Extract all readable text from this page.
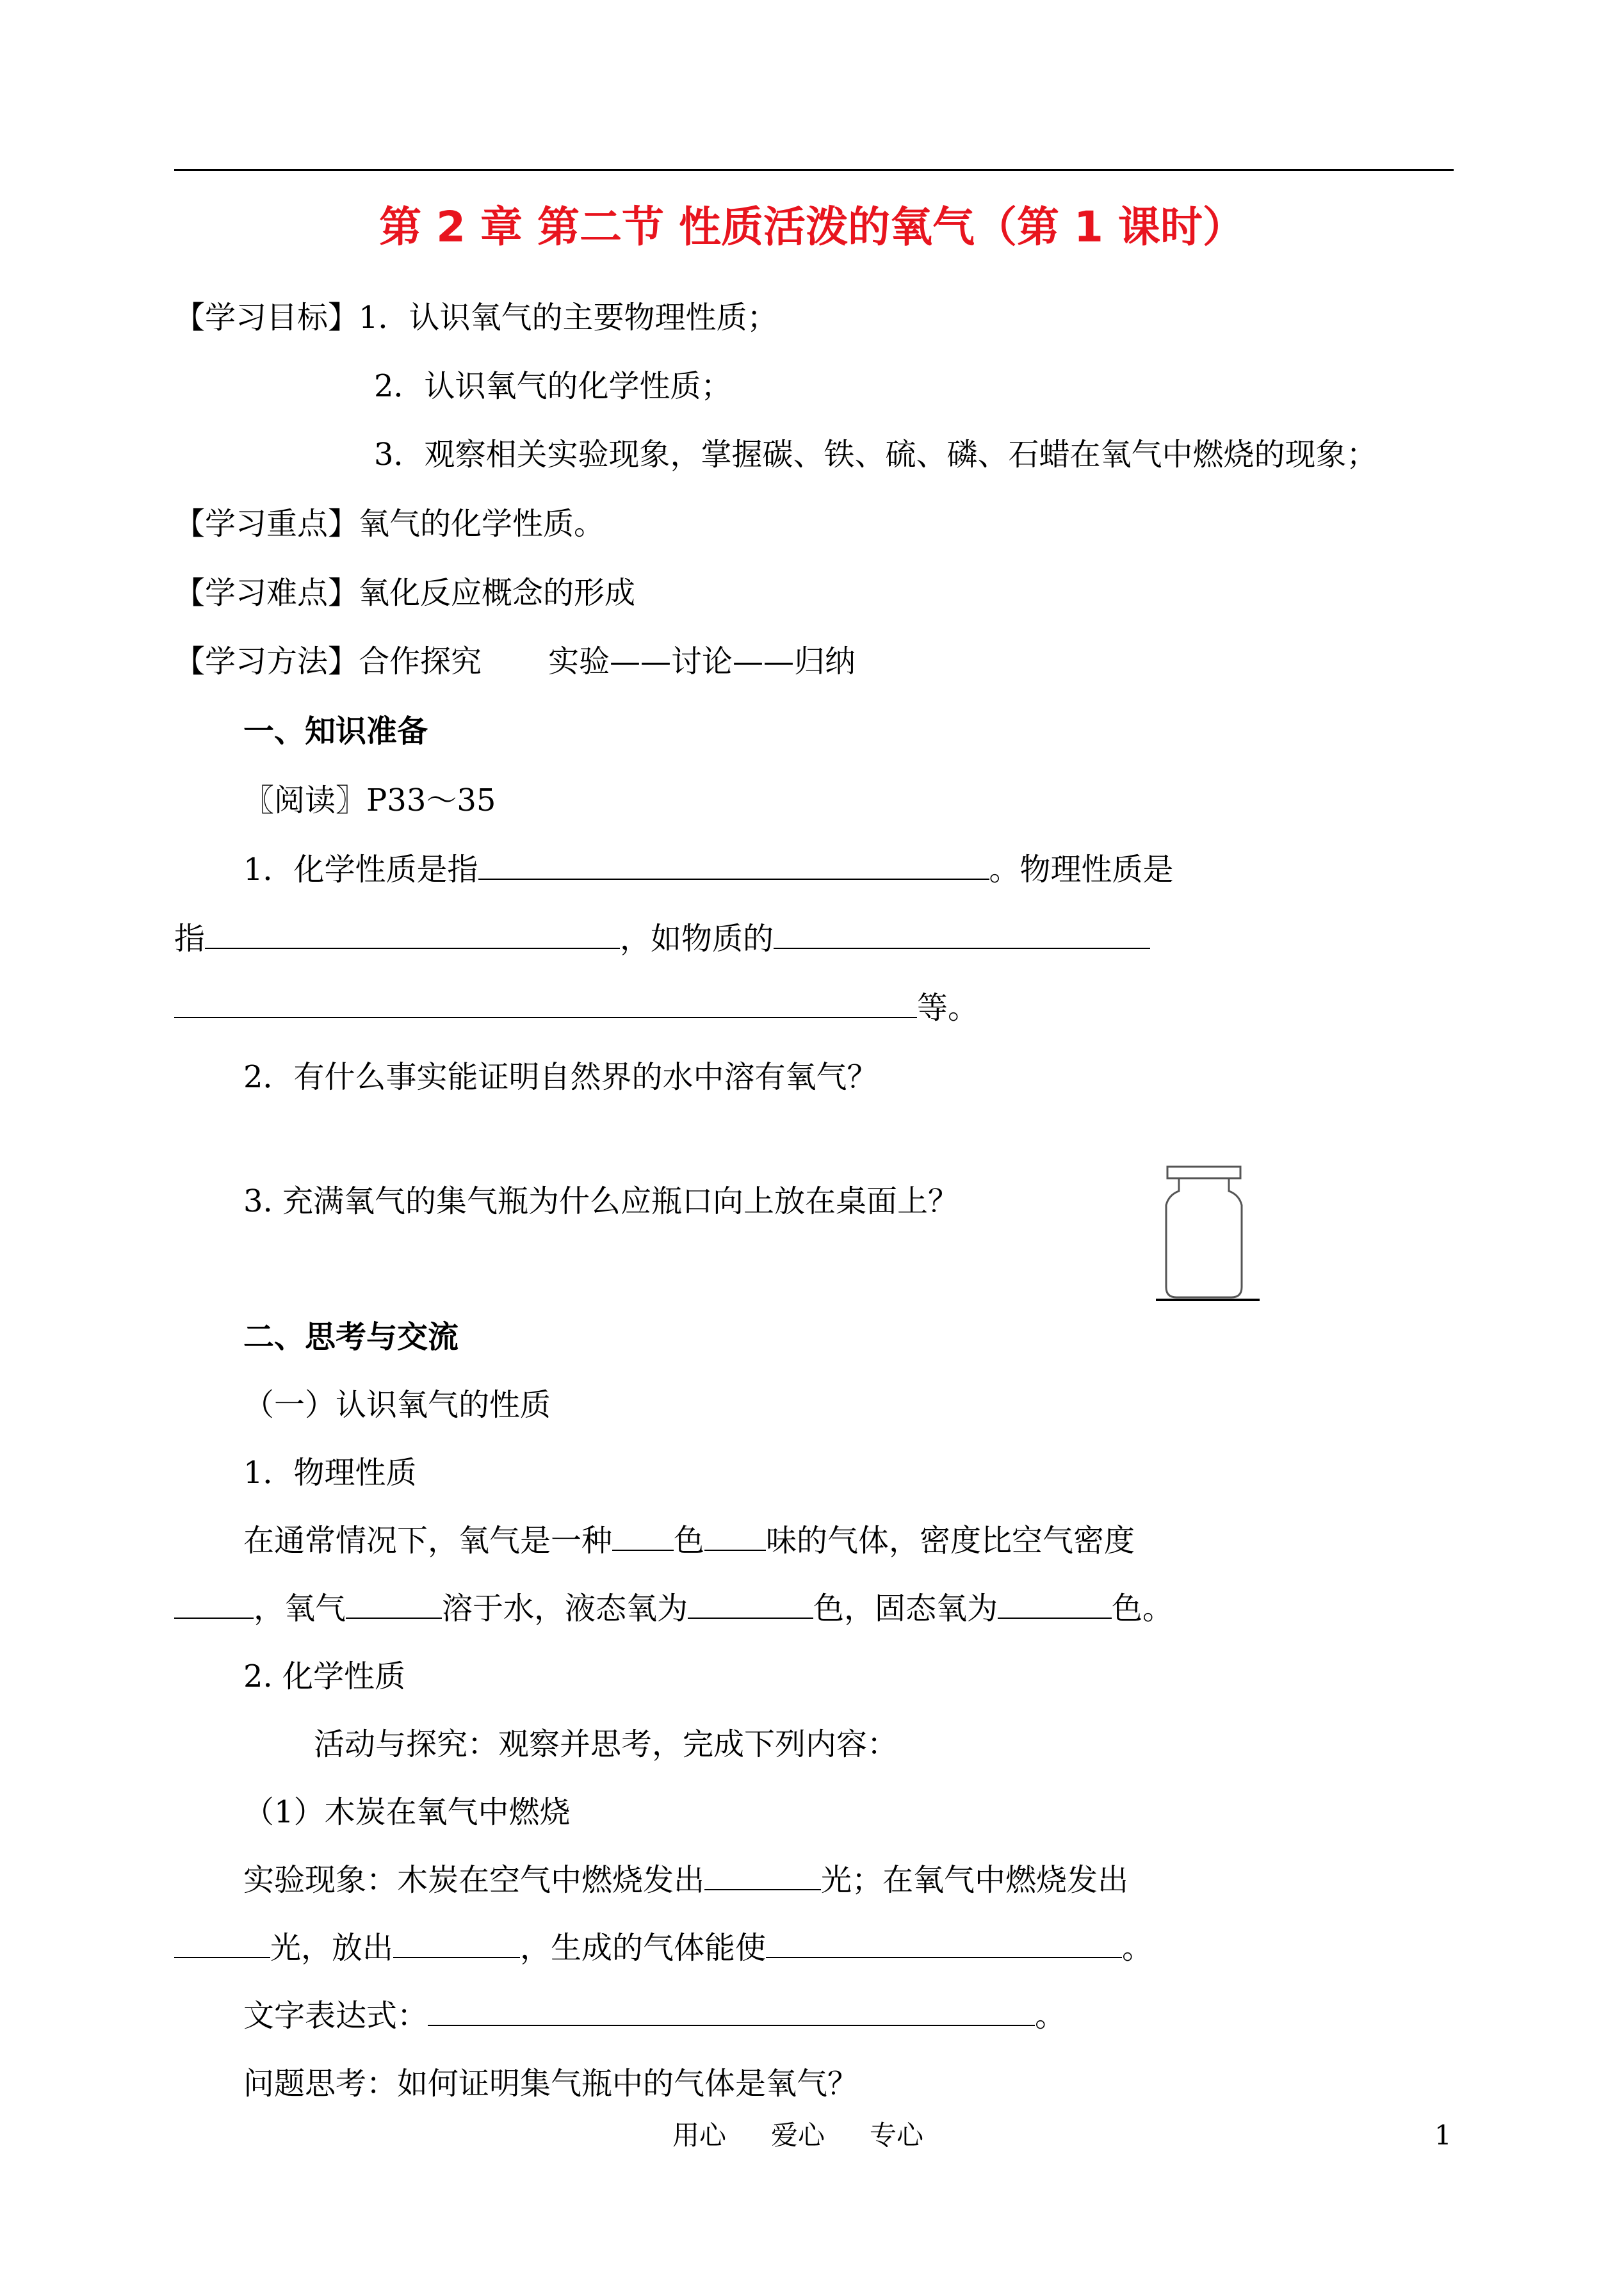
第 2 章 第二节 性质活泼的氧气（第 1 课时）
【学习目标】1．认识氧气的主要物理性质；
2．认识氧气的化学性质；
3．观察相关实验现象，掌握碳、铁、硫、磷、石蜡在氧气中燃烧的现象；
【学习重点】氧气的化学性质。
【学习难点】氧化反应概念的形成
【学习方法】合作探究 实验——讨论——归纳
一、知识准备
〖阅读〗P33～35
1．化学性质是指	。物理性质是
指	，如物质的
等。
2．有什么事实能证明自然界的水中溶有氧气？
3. 充满氧气的集气瓶为什么应瓶口向上放在桌面上？
二、思考与交流
（一）认识氧气的性质
1．物理性质
在通常情况下，氧气是一种 色 味的气体，密度比空气密度
，氧气	溶于水，液态氧为	色，固态氧为	色。
2. 化学性质
活动与探究：观察并思考，完成下列内容：
（1）木炭在氧气中燃烧
实验现象：木炭在空气中燃烧发出	光；在氧气中燃烧发出
光，放出	，生成的气体能使	。
文字表达式：	。
问题思考：如何证明集气瓶中的气体是氧气？
用心 爱心 专心	1
